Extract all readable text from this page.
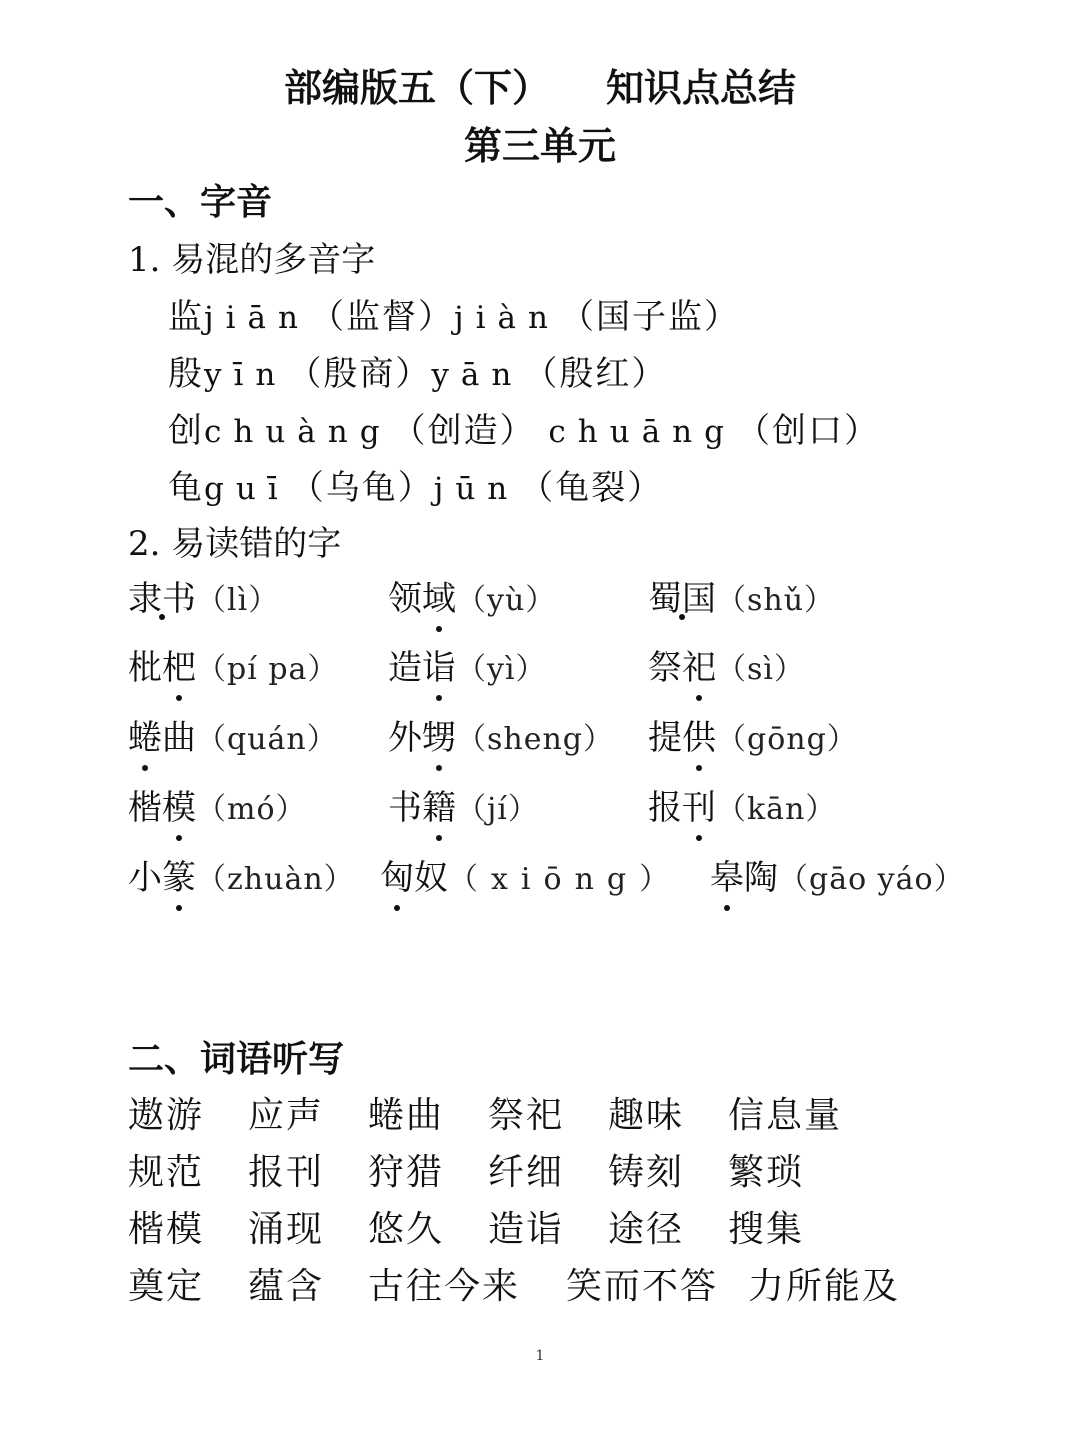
部编版五（下） 知识点总结
第三单元
一、字音
1. 易混的多音字
监jiān（监督）jiàn（国子监）
殷yīn（殷商）yān（殷红）
创chuàng（创造） chuāng（创口）
龟guī（乌龟）jūn（龟裂）
2. 易读错的字
隶书（lì）	领域（yù）	蜀国（shǔ）
枇杷（pí pa） 造诣（yì）	祭祀（sì）
蜷曲（quán） 外甥（sheng） 提供（gōng）
楷模（mó） 书籍（jí）	报刊（kān）
小篆（zhuàn） 匈奴（xiōng） 皋陶（gāo yáo）
二、词语听写
遨游 应声 蜷曲 祭祀 趣味 信息量
规范 报刊 狩猎 纤细 铸刻 繁琐
楷模 涌现 悠久 造诣 途径 搜集
奠定 蕴含 古往今来 笑而不答 力所能及
1
